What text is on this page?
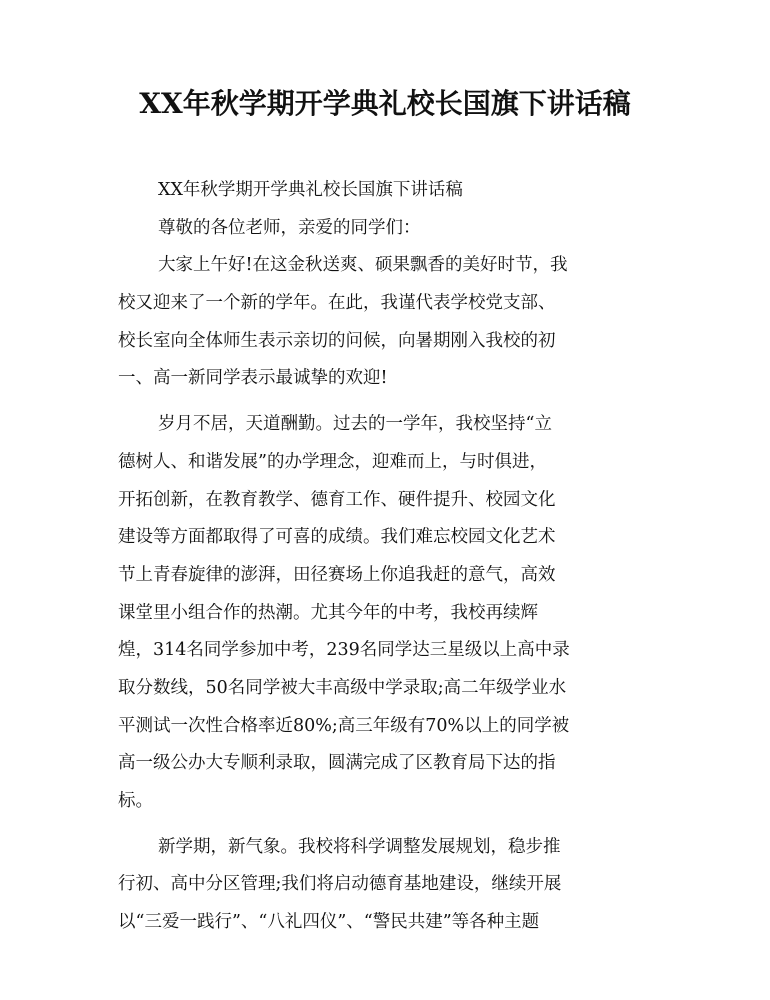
XX年秋学期开学典礼校长国旗下讲话稿
XX年秋学期开学典礼校长国旗下讲话稿
尊敬的各位老师，亲爱的同学们：
大家上午好!在这金秋送爽、硕果飘香的美好时节，我
校又迎来了一个新的学年。在此，我谨代表学校党支部、
校长室向全体师生表示亲切的问候，向暑期刚入我校的初
一、高一新同学表示最诚挚的欢迎!
岁月不居，天道酬勤。过去的一学年，我校坚持“立
德树人、和谐发展”的办学理念，迎难而上，与时俱进，
开拓创新，在教育教学、德育工作、硬件提升、校园文化
建设等方面都取得了可喜的成绩。我们难忘校园文化艺术
节上青春旋律的澎湃，田径赛场上你追我赶的意气，高效
课堂里小组合作的热潮。尤其今年的中考，我校再续辉
煌，314名同学参加中考，239名同学达三星级以上高中录
取分数线，50名同学被大丰高级中学录取;高二年级学业水
平测试一次性合格率近80%;高三年级有70%以上的同学被
高一级公办大专顺利录取，圆满完成了区教育局下达的指
标。
新学期，新气象。我校将科学调整发展规划，稳步推
行初、高中分区管理;我们将启动德育基地建设，继续开展
以“三爱一践行”、“八礼四仪”、“警民共建”等各种主题
